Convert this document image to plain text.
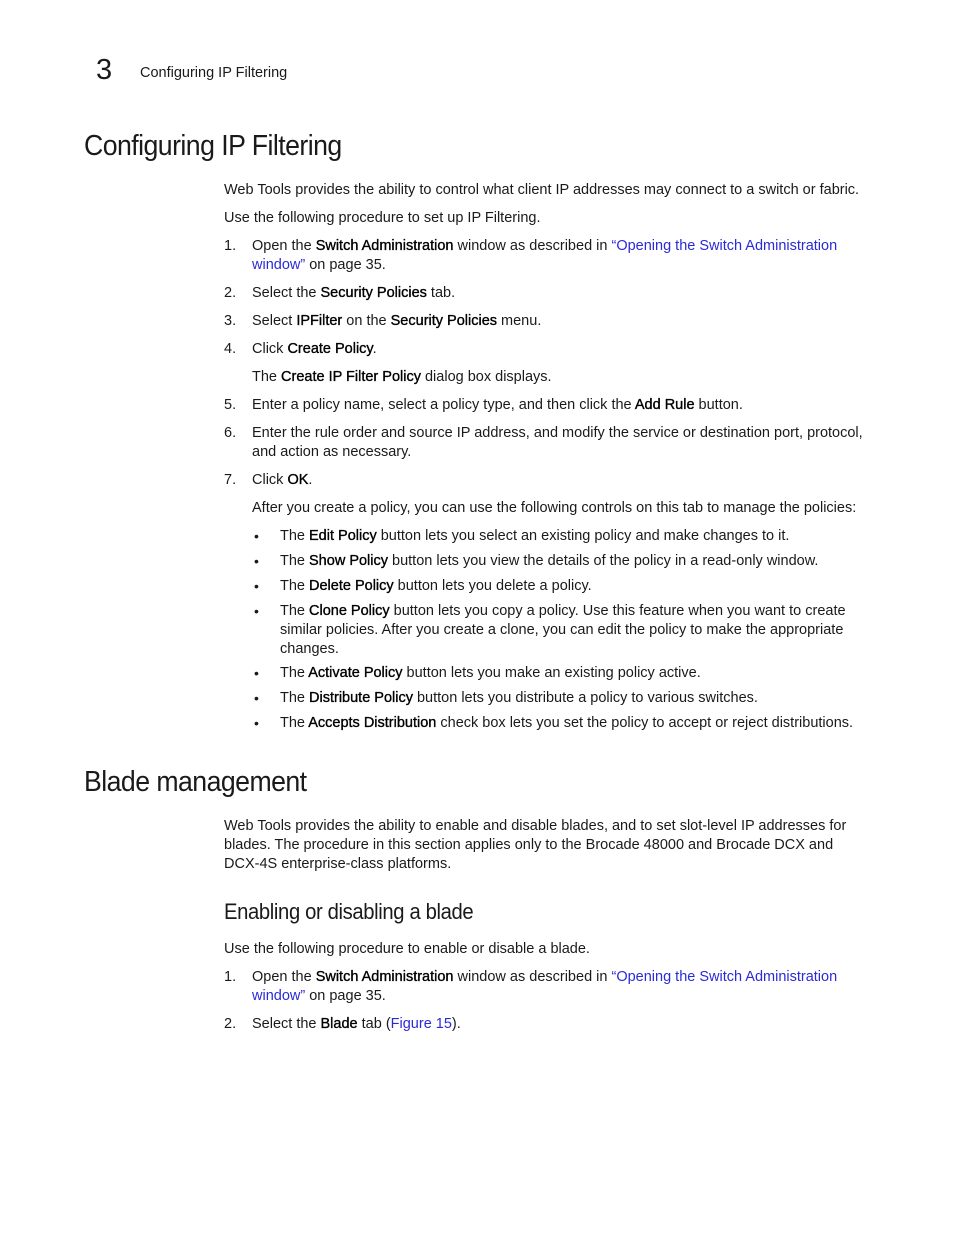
3 Configuring IP Filtering
Configuring IP Filtering

Web Tools provides the ability to control what client IP addresses may connect to a switch or fabric.

Use the following procedure to set up IP Filtering.

1. Open the Switch Administration window as described in “Opening the Switch Administration window” on page 35.
2. Select the Security Policies tab.
3. Select IPFilter on the Security Policies menu.
4. Click Create Policy.

The Create IP Filter Policy dialog box displays.

5. Enter a policy name, select a policy type, and then click the Add Rule button.
6. Enter the rule order and source IP address, and modify the service or destination port, protocol, and action as necessary.
7. Click OK.

After you create a policy, you can use the following controls on this tab to manage the policies:

• The Edit Policy button lets you select an existing policy and make changes to it.
• The Show Policy button lets you view the details of the policy in a read-only window.
• The Delete Policy button lets you delete a policy.
• The Clone Policy button lets you copy a policy. Use this feature when you want to create similar policies. After you create a clone, you can edit the policy to make the appropriate changes.
• The Activate Policy button lets you make an existing policy active.
• The Distribute Policy button lets you distribute a policy to various switches.
• The Accepts Distribution check box lets you set the policy to accept or reject distributions.
Blade management

Web Tools provides the ability to enable and disable blades, and to set slot-level IP addresses for blades. The procedure in this section applies only to the Brocade 48000 and Brocade DCX and DCX-4S enterprise-class platforms.

Enabling or disabling a blade

Use the following procedure to enable or disable a blade.

1. Open the Switch Administration window as described in “Opening the Switch Administration window” on page 35.
2. Select the Blade tab (Figure 15).
